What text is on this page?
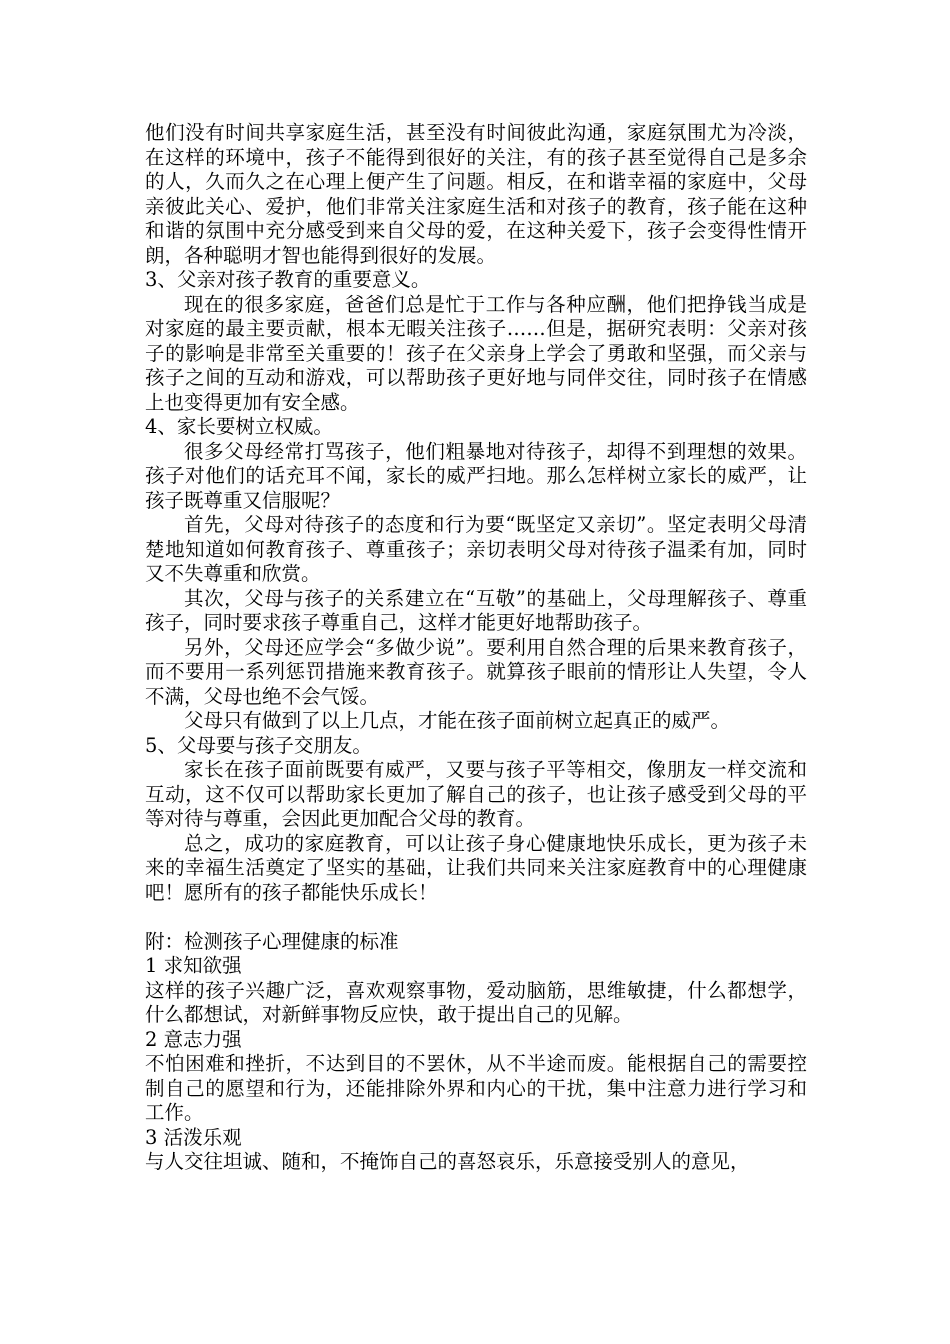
他们没有时间共享家庭生活，甚至没有时间彼此沟通，家庭氛围尤为冷淡，在这样的环境中，孩子不能得到很好的关注，有的孩子甚至觉得自己是多余的人，久而久之在心理上便产生了问题。相反，在和谐幸福的家庭中，父母亲彼此关心、爱护，他们非常关注家庭生活和对孩子的教育，孩子能在这种和谐的氛围中充分感受到来自父母的爱，在这种关爱下，孩子会变得性情开朗，各种聪明才智也能得到很好的发展。

3、父亲对孩子教育的重要意义。

现在的很多家庭，爸爸们总是忙于工作与各种应酬，他们把挣钱当成是对家庭的最主要贡献，根本无暇关注孩子……但是，据研究表明：父亲对孩子的影响是非常至关重要的！孩子在父亲身上学会了勇敢和坚强，而父亲与孩子之间的互动和游戏，可以帮助孩子更好地与同伴交往，同时孩子在情感上也变得更加有安全感。

4、家长要树立权威。

很多父母经常打骂孩子，他们粗暴地对待孩子，却得不到理想的效果。孩子对他们的话充耳不闻，家长的威严扫地。那么怎样树立家长的威严，让孩子既尊重又信服呢？

首先，父母对待孩子的态度和行为要“既坚定又亲切”。坚定表明父母清楚地知道如何教育孩子、尊重孩子；亲切表明父母对待孩子温柔有加，同时又不失尊重和欣赏。

其次，父母与孩子的关系建立在“互敬”的基础上，父母理解孩子、尊重孩子，同时要求孩子尊重自己，这样才能更好地帮助孩子。

另外，父母还应学会“多做少说”。要利用自然合理的后果来教育孩子，而不要用一系列惩罚措施来教育孩子。就算孩子眼前的情形让人失望，令人不满，父母也绝不会气馁。

父母只有做到了以上几点，才能在孩子面前树立起真正的威严。

5、父母要与孩子交朋友。

家长在孩子面前既要有威严，又要与孩子平等相交，像朋友一样交流和互动，这不仅可以帮助家长更加了解自己的孩子，也让孩子感受到父母的平等对待与尊重，会因此更加配合父母的教育。

总之，成功的家庭教育，可以让孩子身心健康地快乐成长，更为孩子未来的幸福生活奠定了坚实的基础，让我们共同来关注家庭教育中的心理健康吧！愿所有的孩子都能快乐成长！

附：检测孩子心理健康的标准

1 求知欲强

这样的孩子兴趣广泛，喜欢观察事物，爱动脑筋，思维敏捷，什么都想学，什么都想试，对新鲜事物反应快，敢于提出自己的见解。

2 意志力强

不怕困难和挫折，不达到目的不罢休，从不半途而废。能根据自己的需要控制自己的愿望和行为，还能排除外界和内心的干扰，集中注意力进行学习和工作。

3 活泼乐观

与人交往坦诚、随和，不掩饰自己的喜怒哀乐，乐意接受别人的意见，
